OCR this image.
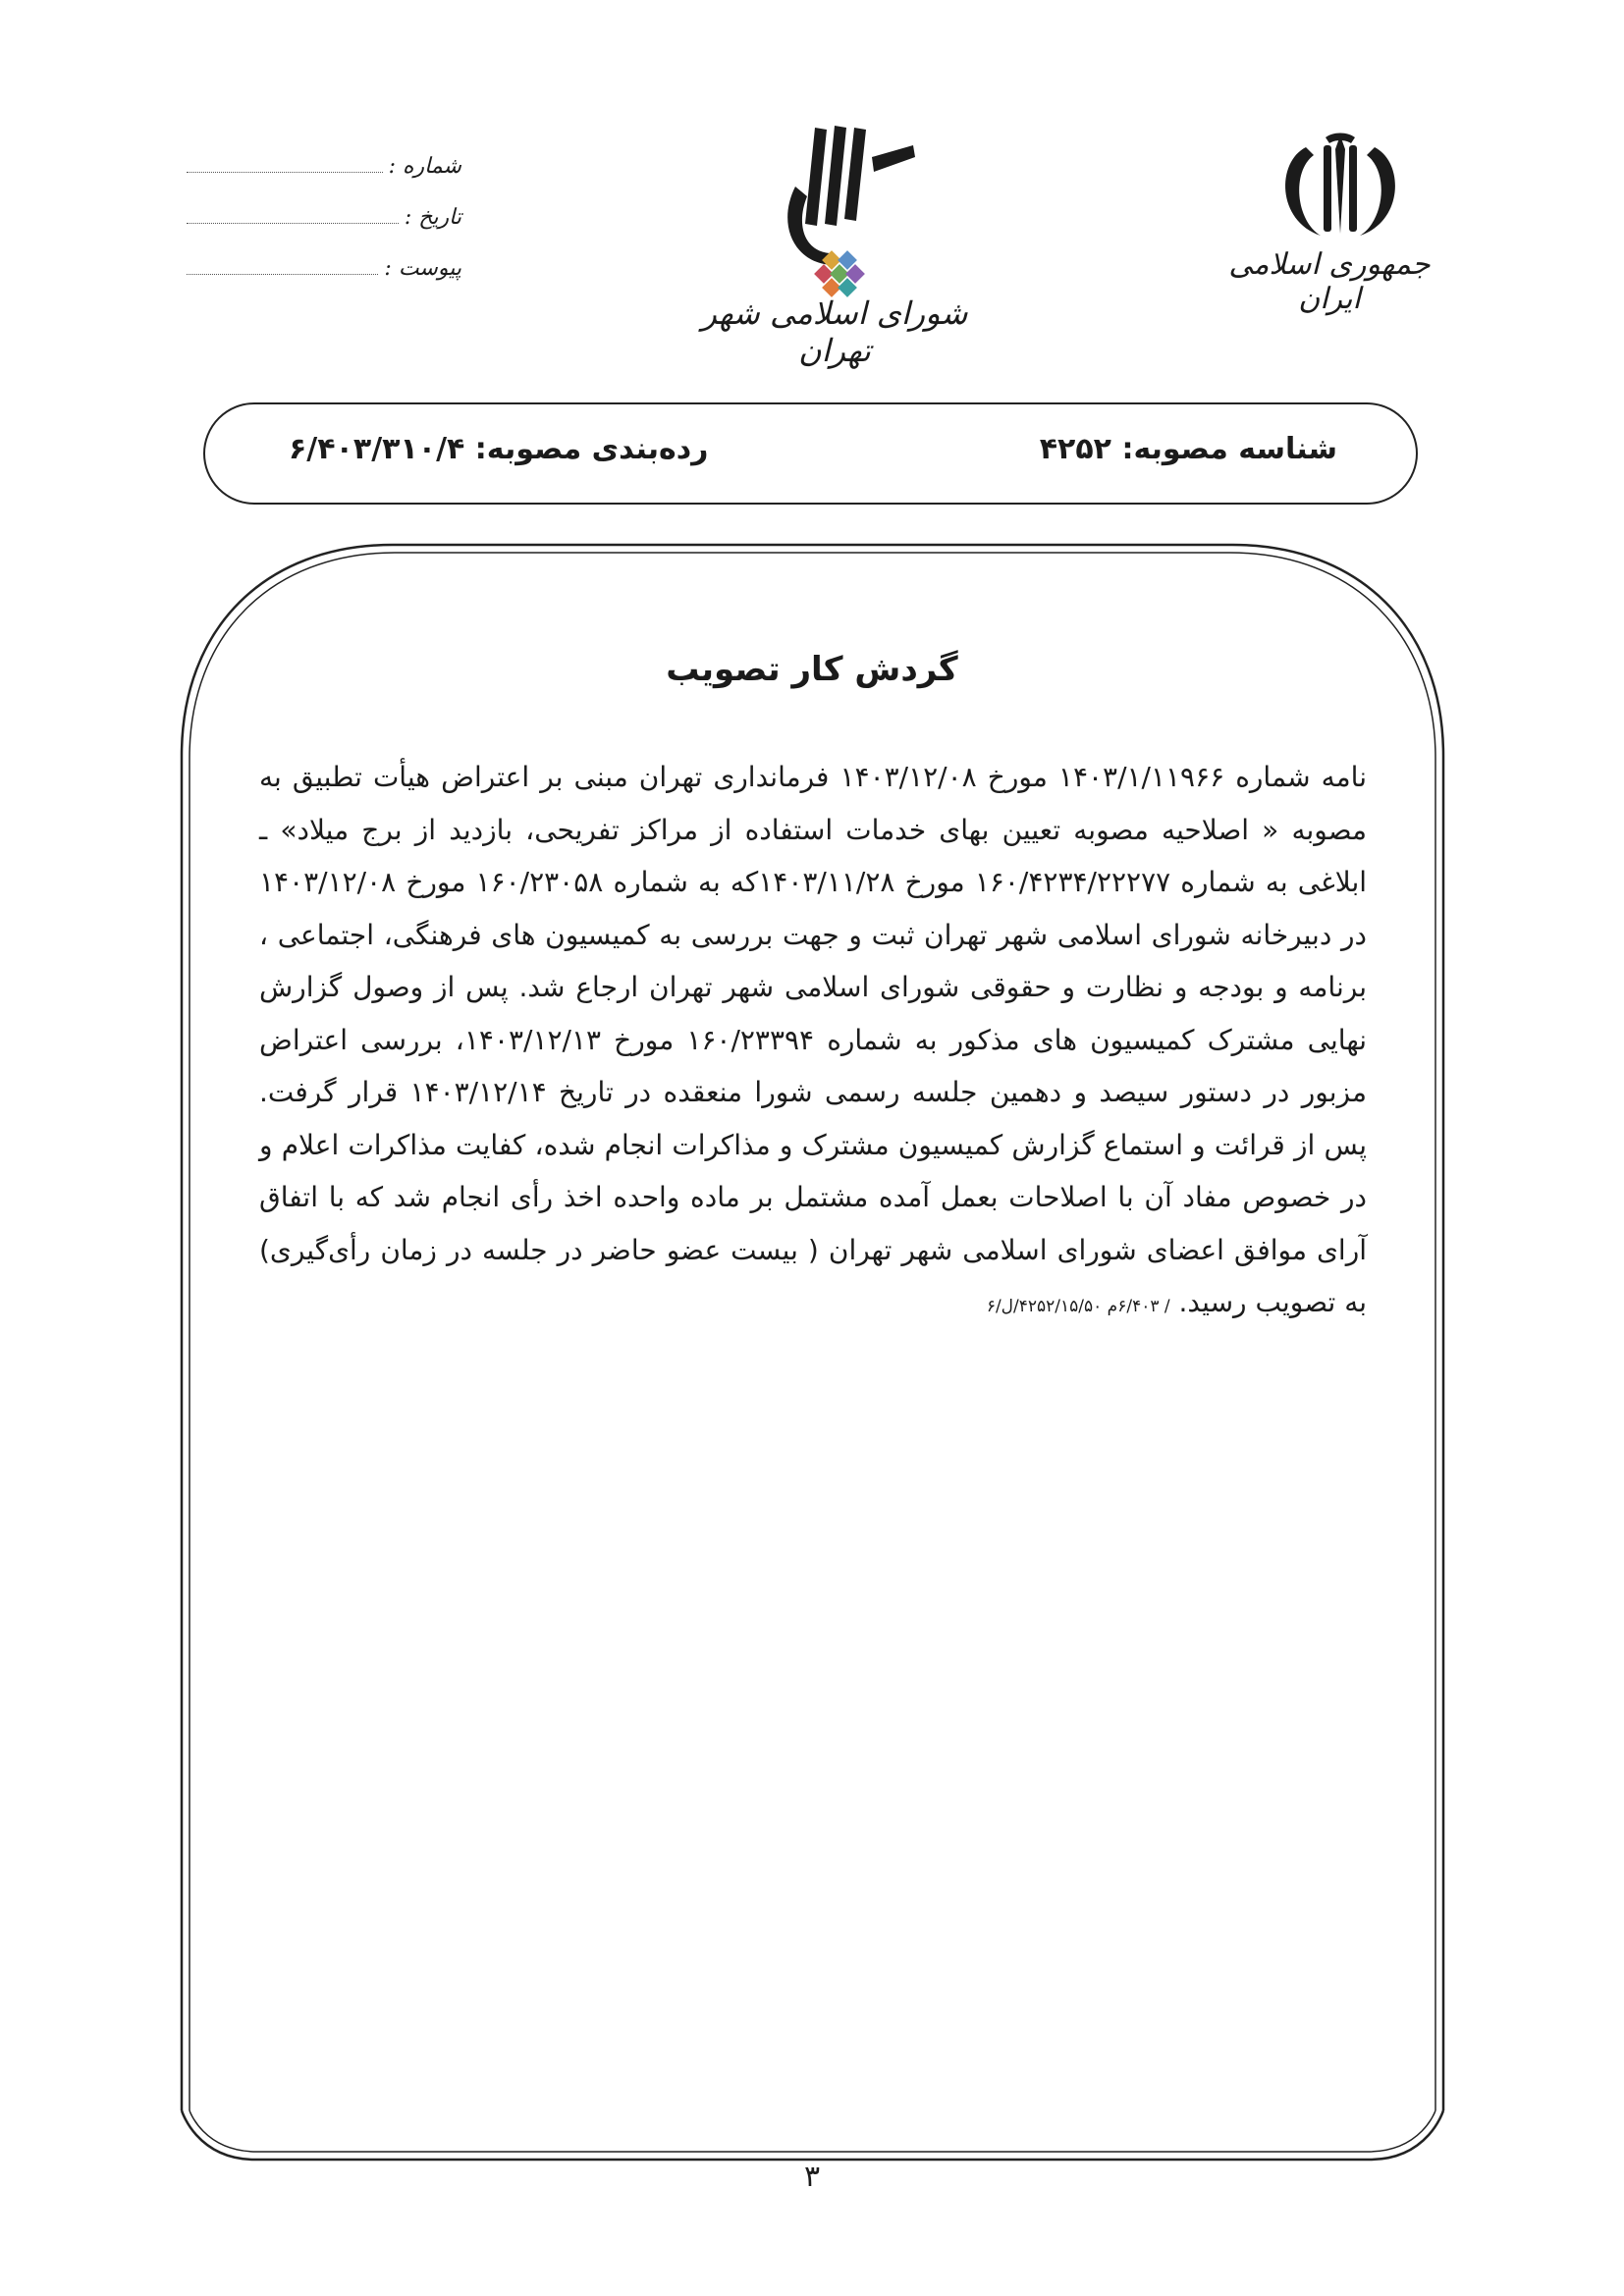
جمهوری اسلامی ایران
شورای اسلامی شهر تهران
شماره :
تاریخ :
پیوست :
شناسه مصوبه: ۴۲۵۲
رده‌بندی مصوبه: ۶/۴۰۳/۳۱۰/۴
گردش کار تصویب

نامه شماره ۱۴۰۳/۱/۱۱۹۶۶ مورخ ۱۴۰۳/۱۲/۰۸ فرمانداری تهران مبنی بر اعتراض هیأت تطبیق به مصوبه « اصلاحیه مصوبه تعیین بهای خدمات استفاده از مراکز تفریحی، بازدید از برج میلاد» ـ ابلاغی به شماره ۱۶۰/۴۲۳۴/۲۲۲۷۷ مورخ ۱۴۰۳/۱۱/۲۸که به شماره ۱۶۰/۲۳۰۵۸ مورخ ۱۴۰۳/۱۲/۰۸ در دبیرخانه شورای اسلامی شهر تهران ثبت و جهت بررسی به کمیسیون های فرهنگی، اجتماعی ، برنامه و بودجه و نظارت و حقوقی شورای اسلامی شهر تهران ارجاع شد. پس از وصول گزارش نهایی مشترک کمیسیون های مذکور به شماره ۱۶۰/۲۳۳۹۴ مورخ ۱۴۰۳/۱۲/۱۳، بررسی اعتراض مزبور در دستور سیصد و دهمین جلسه رسمی شورا منعقده در تاریخ ۱۴۰۳/۱۲/۱۴ قرار گرفت. پس از قرائت و استماع گزارش کمیسیون مشترک و مذاکرات انجام شده، کفایت مذاکرات اعلام و در خصوص مفاد آن با اصلاحات بعمل آمده مشتمل بر ماده واحده اخذ رأی انجام شد که با اتفاق آرای موافق اعضای شورای اسلامی شهر تهران ( بیست عضو حاضر در جلسه در زمان رأی‌گیری) به تصویب رسید. / ۶/۴۰۳م ۴۲۵۲/۱۵/۵۰/ل/۶

۳
